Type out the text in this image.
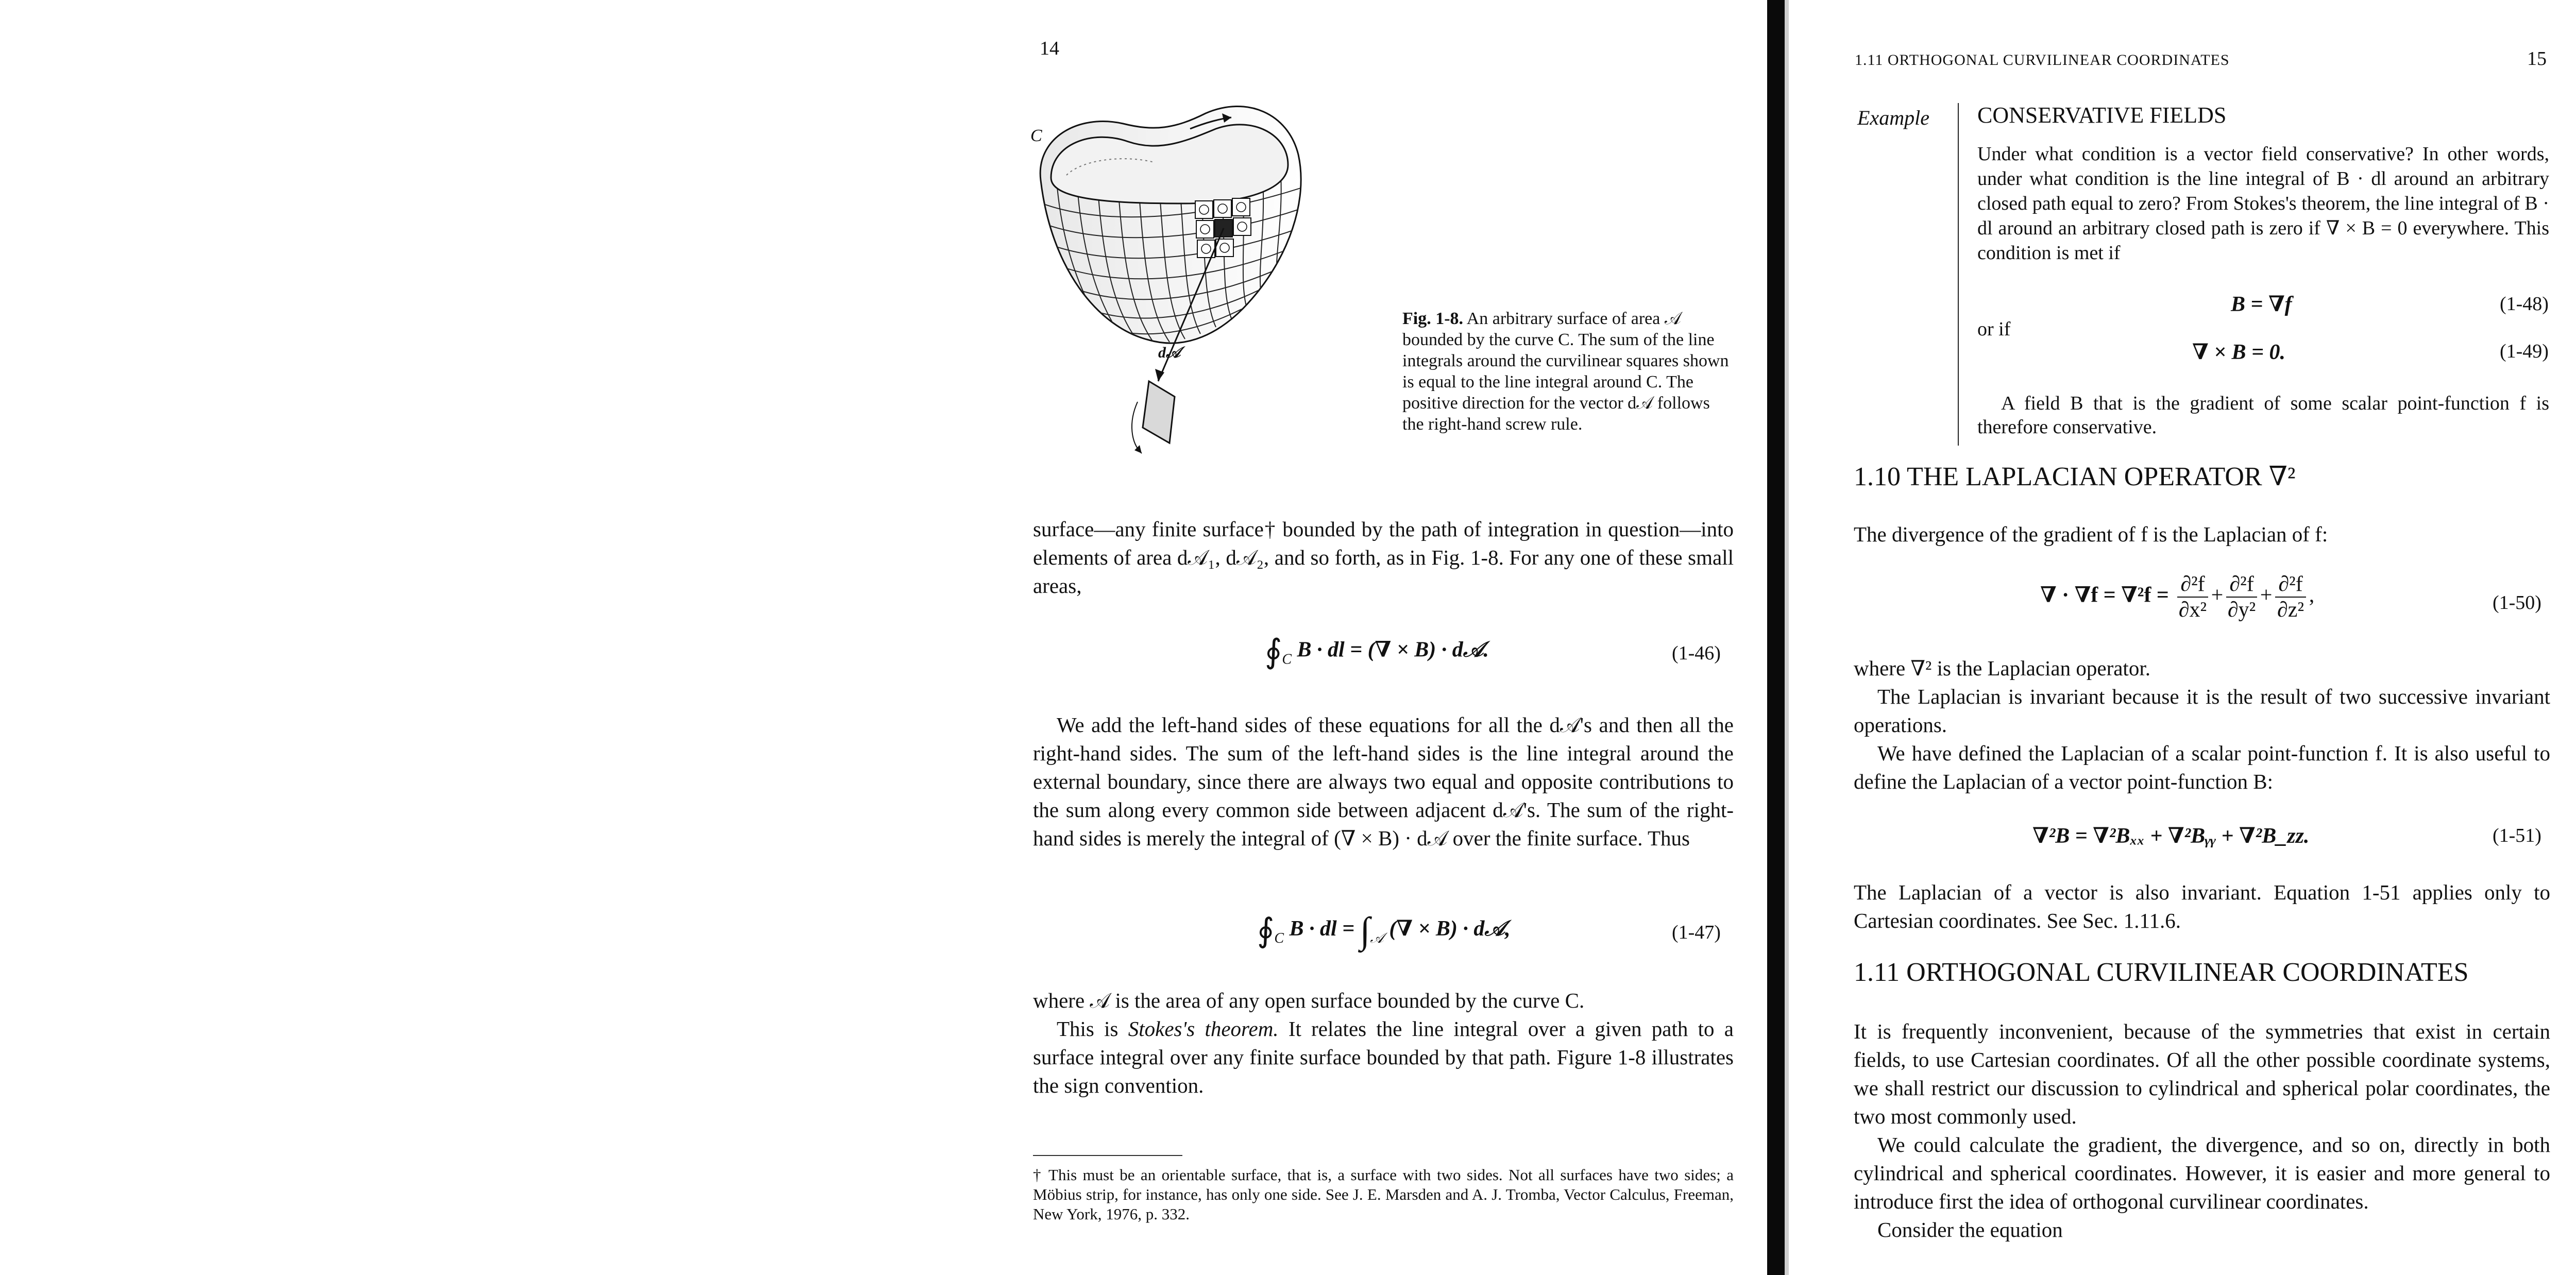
14
C
d𝒜
Fig. 1-8. An arbitrary surface of area 𝒜 bounded by the curve C. The sum of the line integrals around the curvilinear squares shown is equal to the line integral around C. The positive direction for the vector d𝒜 follows the right-hand screw rule.
surface—any finite surface† bounded by the path of integration in question—into elements of area d𝒜₁, d𝒜₂, and so forth, as in Fig. 1-8. For any one of these small areas,
$∮_C$ B · dl = (∇ × B) · d𝒜.	(1-46)
We add the left-hand sides of these equations for all the d𝒜's and then all the right-hand sides. The sum of the left-hand sides is the line integral around the external boundary, since there are always two equal and opposite contributions to the sum along every common side between adjacent d𝒜's. The sum of the right-hand sides is merely the integral of (∇ × B) · d𝒜 over the finite surface. Thus
$∮_C$ B · dl = $\int_𝒜$ (∇ × B) · d𝒜,	(1-47)
where 𝒜 is the area of any open surface bounded by the curve C.
This is Stokes's theorem. It relates the line integral over a given path to a surface integral over any finite surface bounded by that path. Figure 1-8 illustrates the sign convention.
† This must be an orientable surface, that is, a surface with two sides. Not all surfaces have two sides; a Möbius strip, for instance, has only one side. See J. E. Marsden and A. J. Tromba, Vector Calculus, Freeman, New York, 1976, p. 332.
1.11 ORTHOGONAL CURVILINEAR COORDINATES	15
Example CONSERVATIVE FIELDS
Under what condition is a vector field conservative? In other words, under what condition is the line integral of B · dl around an arbitrary closed path equal to zero? From Stokes's theorem, the line integral of B · dl around an arbitrary closed path is zero if ∇ × B = 0 everywhere. This condition is met if
B = ∇f	(1-48)
or if
∇ × B = 0.	(1-49)
A field B that is the gradient of some scalar point-function f is therefore conservative.
1.10 THE LAPLACIAN OPERATOR ∇²
The divergence of the gradient of f is the Laplacian of f:
∇ · $\nabla f = \nabla^2f = \frac{\text{∂²f}}{\text{∂x²}} + \frac{\text{∂²f}}{\text{∂y²}} + \frac{\text{∂²f}}{\text{∂z²}}$ ,	(1-50)
where ∇² is the Laplacian operator.
The Laplacian is invariant because it is the result of two successive invariant operations.
We have defined the Laplacian of a scalar point-function f. It is also useful to define the Laplacian of a vector point-function B:
∇²B = ∇²Bₓₓ + ∇²Bᵧᵧ + ∇²B_zz.	(1-51)
The Laplacian of a vector is also invariant. Equation 1-51 applies only to Cartesian coordinates. See Sec. 1.11.6.
1.11 ORTHOGONAL CURVILINEAR COORDINATES
It is frequently inconvenient, because of the symmetries that exist in certain fields, to use Cartesian coordinates. Of all the other possible coordinate systems, we shall restrict our discussion to cylindrical and spherical polar coordinates, the two most commonly used.
We could calculate the gradient, the divergence, and so on, directly in both cylindrical and spherical coordinates. However, it is easier and more general to introduce first the idea of orthogonal curvilinear coordinates.
Consider the equation
